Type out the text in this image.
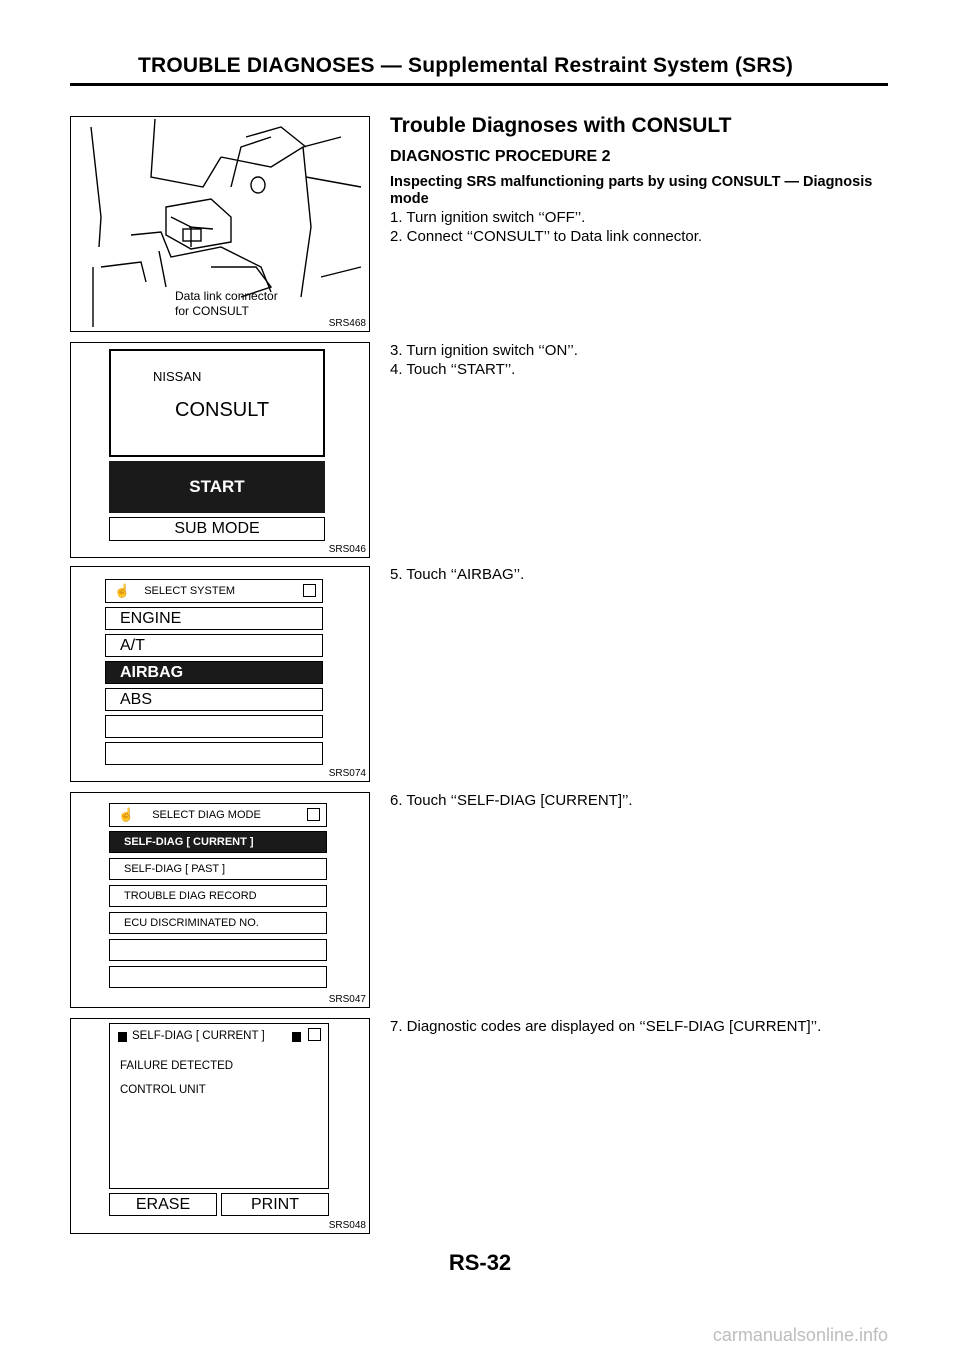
TROUBLE DIAGNOSES — Supplemental Restraint System (SRS)
Data link connector
for CONSULT
SRS468
NISSAN
CONSULT
START
SUB MODE
SRS046
☝ SELECT SYSTEM
ENGINE
A/T
AIRBAG
ABS
SRS074
☝ SELECT DIAG MODE
SELF-DIAG [ CURRENT ]
SELF-DIAG [ PAST ]
TROUBLE DIAG RECORD
ECU DISCRIMINATED NO.
SRS047
SELF-DIAG [ CURRENT ]
FAILURE DETECTED
CONTROL UNIT
ERASE	PRINT
SRS048
Trouble Diagnoses with CONSULT
DIAGNOSTIC PROCEDURE 2
Inspecting SRS malfunctioning parts by using CONSULT — Diagnosis mode
1. Turn ignition switch ‘‘OFF’’.
2. Connect ‘‘CONSULT’’ to Data link connector.
3. Turn ignition switch ‘‘ON’’.
4. Touch ‘‘START’’.
5. Touch ‘‘AIRBAG’’.
6. Touch ‘‘SELF-DIAG [CURRENT]’’.
7. Diagnostic codes are displayed on ‘‘SELF-DIAG [CURRENT]’’.
RS-32
carmanualsonline.info
